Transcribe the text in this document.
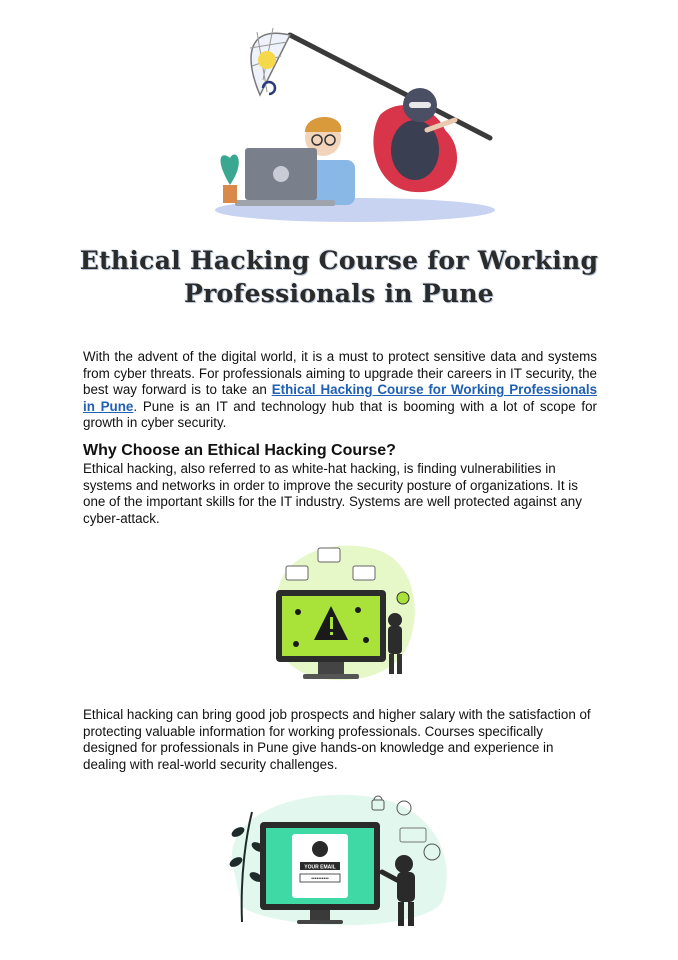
Ethical Hacking Course for Working
Professionals in Pune

With the advent of the digital world, it is a must to protect sensitive data and systems from cyber threats. For professionals aiming to upgrade their careers in IT security, the best way forward is to take an Ethical Hacking Course for Working Professionals in Pune. Pune is an IT and technology hub that is booming with a lot of scope for growth in cyber security.

Why Choose an Ethical Hacking Course?

Ethical hacking, also referred to as white-hat hacking, is finding vulnerabilities in systems and networks in order to improve the security posture of organizations. It is one of the important skills for the IT industry. Systems are well protected against any cyber-attack.

Ethical hacking can bring good job prospects and higher salary with the satisfaction of protecting valuable information for working professionals. Courses specifically designed for professionals in Pune give hands-on knowledge and experience in dealing with real-world security challenges.

YOUR EMAIL
••••••••••
